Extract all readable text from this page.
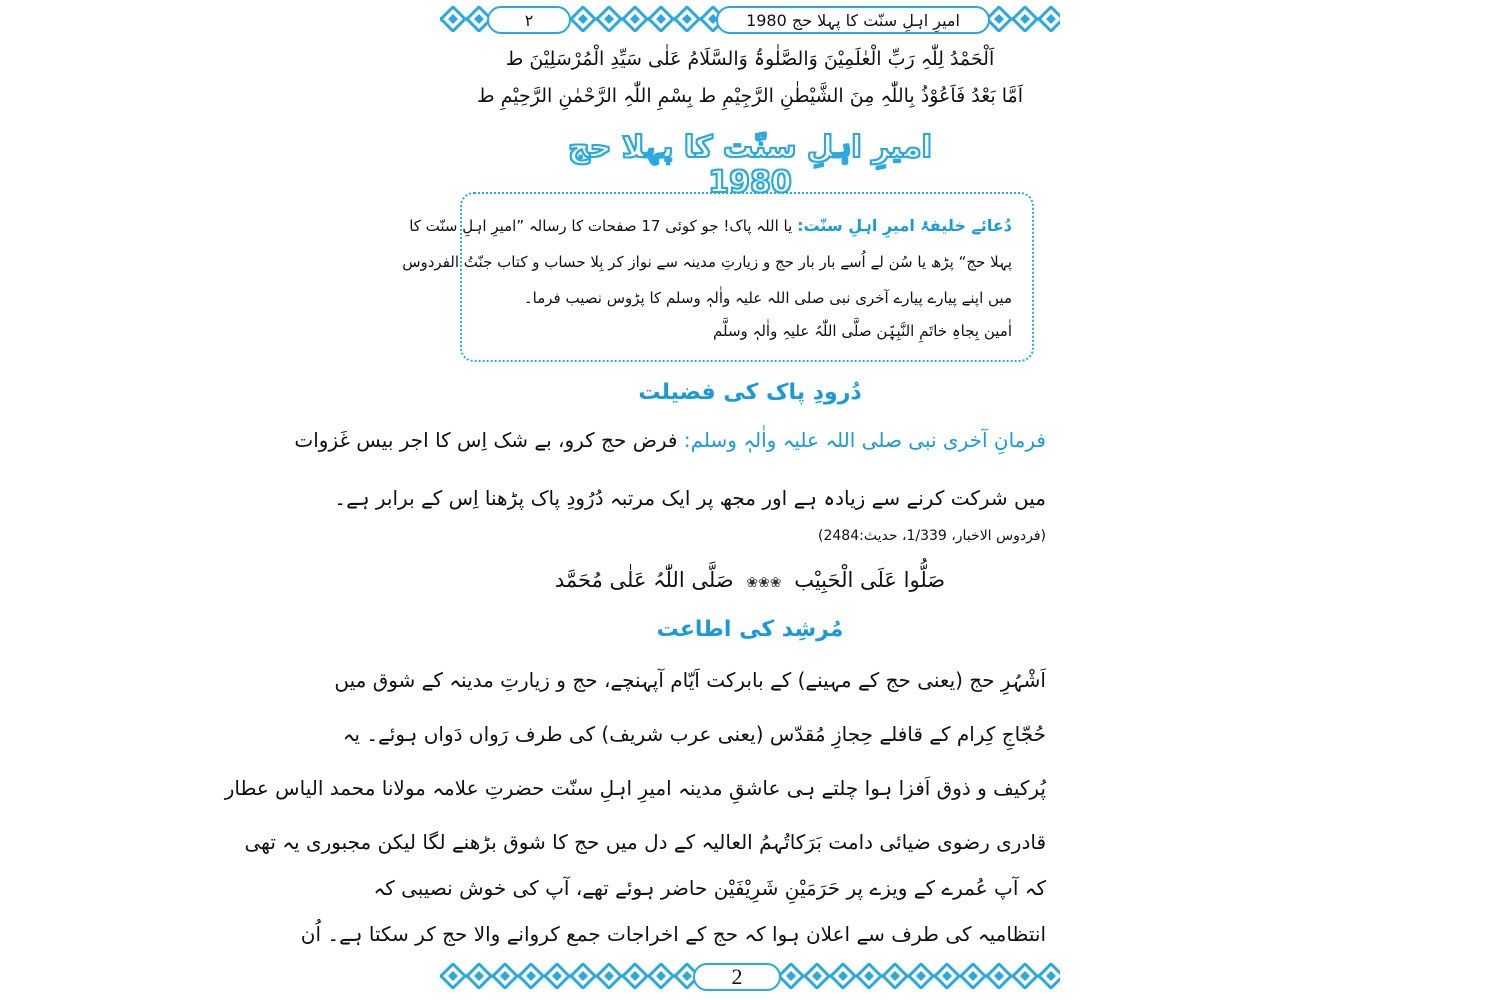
٢	امیرِ اہلِ سنّت کا پہلا حج 1980
اَلْحَمْدُ لِلّٰہِ رَبِّ الْعٰلَمِیْنَ وَالصَّلٰوۃُ وَالسَّلَامُ عَلٰی سَیِّدِ الْمُرْسَلِیْنَ ط
اَمَّا بَعْدُ فَاَعُوْذُ بِاللّٰہِ مِنَ الشَّیْطٰنِ الرَّجِیْمِ ط بِسْمِ اللّٰہِ الرَّحْمٰنِ الرَّحِیْمِ ط
امیرِ اہلِ سنّت کا پہلا حج 1980
دُعائے خلیفۂ امیرِ اہلِ سنّت: یا اللہ پاک! جو کوئی 17 صفحات کا رسالہ ”امیرِ اہلِ سنّت کا
پہلا حج“ پڑھ یا سُن لے اُسے بار بار حج و زیارتِ مدینہ سے نواز کر بِلا حساب و کتاب جنّتُ الفردوس
میں اپنے پیارے پیارے آخری نبی صلی اللہ علیہ واٰلہٖ وسلم کا پڑوس نصیب فرما۔
اٰمین بِجاہِ خاتَمِ النَّبِیّٖن صلَّی اللّٰہُ علیہِ واٰلہٖ وسلَّم
دُرودِ پاک کی فضیلت
فرمانِ آخری نبی صلی اللہ علیہ واٰلہٖ وسلم: فرض حج کرو، بے شک اِس کا اجر بیس غَزوات
میں شرکت کرنے سے زیادہ ہے اور مجھ پر ایک مرتبہ دُرُودِ پاک پڑھنا اِس کے برابر ہے۔
(فردوس الاخبار، 1/339، حدیث:2484)
صَلُّوا عَلَی الْحَبِیْب ❀❀❀ صَلَّی اللّٰہُ عَلٰی مُحَمَّد
مُرشِد کی اطاعت
اَشْہُرِ حج (یعنی حج کے مہینے) کے بابرکت اَیّام آپہنچے، حج و زیارتِ مدینہ کے شوق میں
حُجّاجِ کِرام کے قافلے حِجازِ مُقدّس (یعنی عرب شریف) کی طرف رَواں دَواں ہوئے۔ یہ
پُرکیف و ذوق اَفزا ہوا چلتے ہی عاشقِ مدینہ امیرِ اہلِ سنّت حضرتِ علامہ مولانا محمد الیاس عطار
قادری رضوی ضیائی دامت بَرَکاتُہمُ العالیہ کے دل میں حج کا شوق بڑھنے لگا لیکن مجبوری یہ تھی
کہ آپ عُمرے کے ویزے پر حَرَمَیْنِ شَرِیْفَیْن حاضر ہوئے تھے، آپ کی خوش نصیبی کہ
انتظامیہ کی طرف سے اعلان ہوا کہ حج کے اخراجات جمع کروانے والا حج کر سکتا ہے۔ اُن
2
